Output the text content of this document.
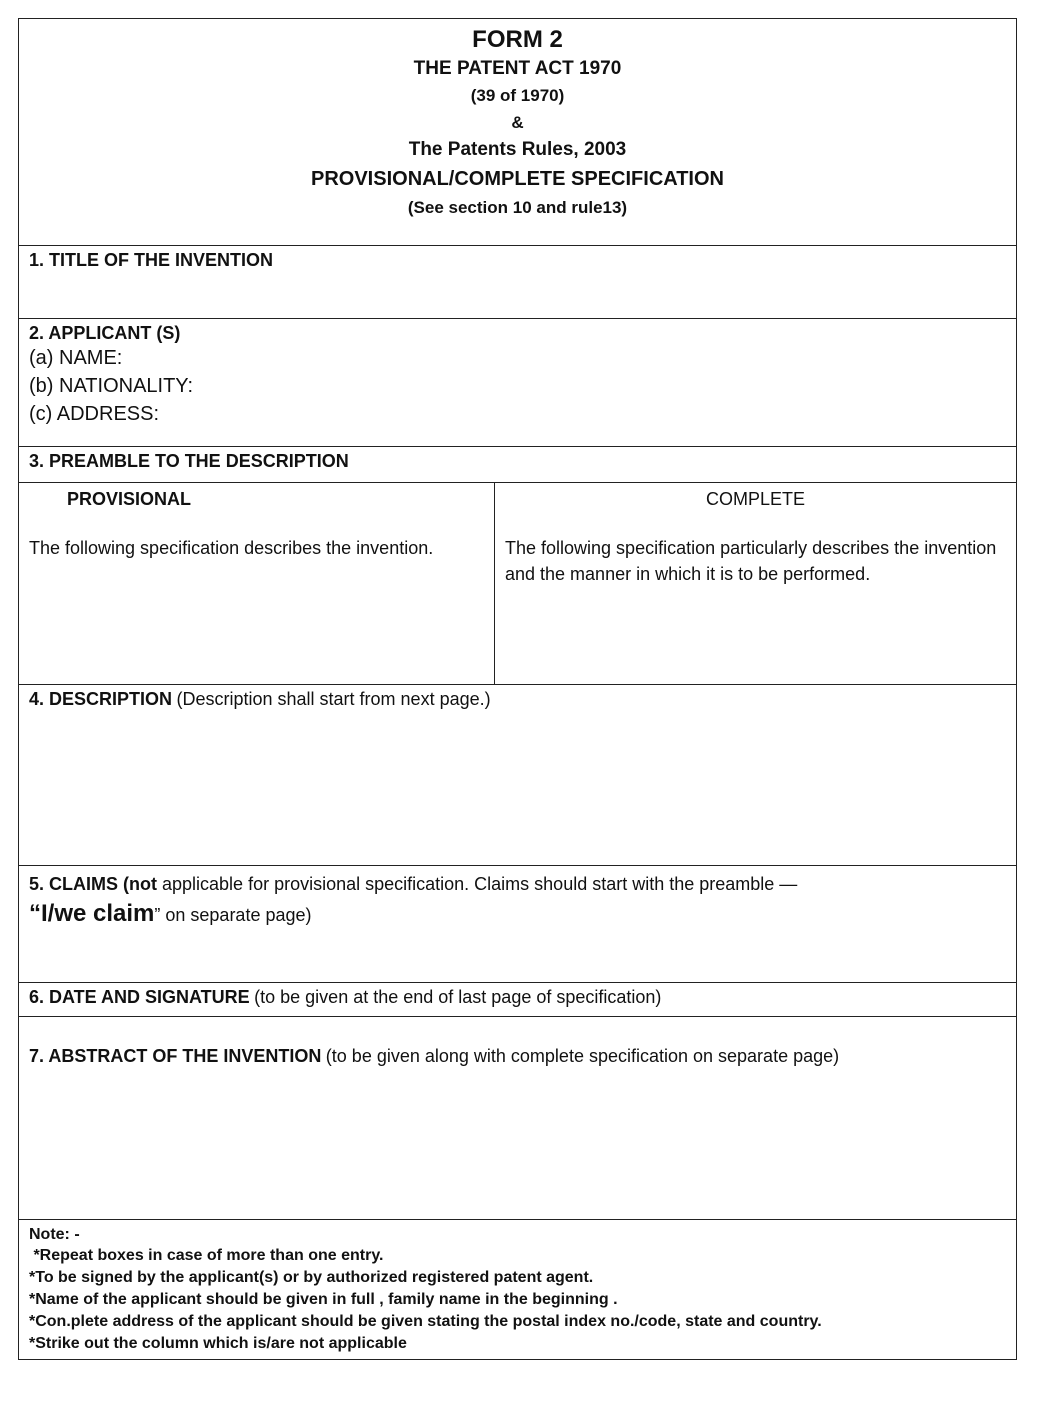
FORM 2
THE PATENT ACT 1970
(39 of 1970)
&
The Patents Rules, 2003
PROVISIONAL/COMPLETE SPECIFICATION
(See section 10 and rule13)
1. TITLE OF THE INVENTION
2. APPLICANT (S)
(a) NAME:
(b) NATIONALITY:
(c) ADDRESS:
3. PREAMBLE TO THE DESCRIPTION
PROVISIONAL
The following specification describes the invention.
COMPLETE
The following specification particularly describes the invention and the manner in which it is to be performed.
4. DESCRIPTION (Description shall start from next page.)
5. CLAIMS (not applicable for provisional specification. Claims should start with the preamble —
“I/we claim” on separate page)
6. DATE AND SIGNATURE (to be given at the end of last page of specification)
7. ABSTRACT OF THE INVENTION (to be given along with complete specification on separate page)
Note: -
*Repeat boxes in case of more than one entry.
*To be signed by the applicant(s) or by authorized registered patent agent.
*Name of the applicant should be given in full , family name in the beginning .
*Con.plete address of the applicant should be given stating the postal index no./code, state and country.
*Strike out the column which is/are not applicable
